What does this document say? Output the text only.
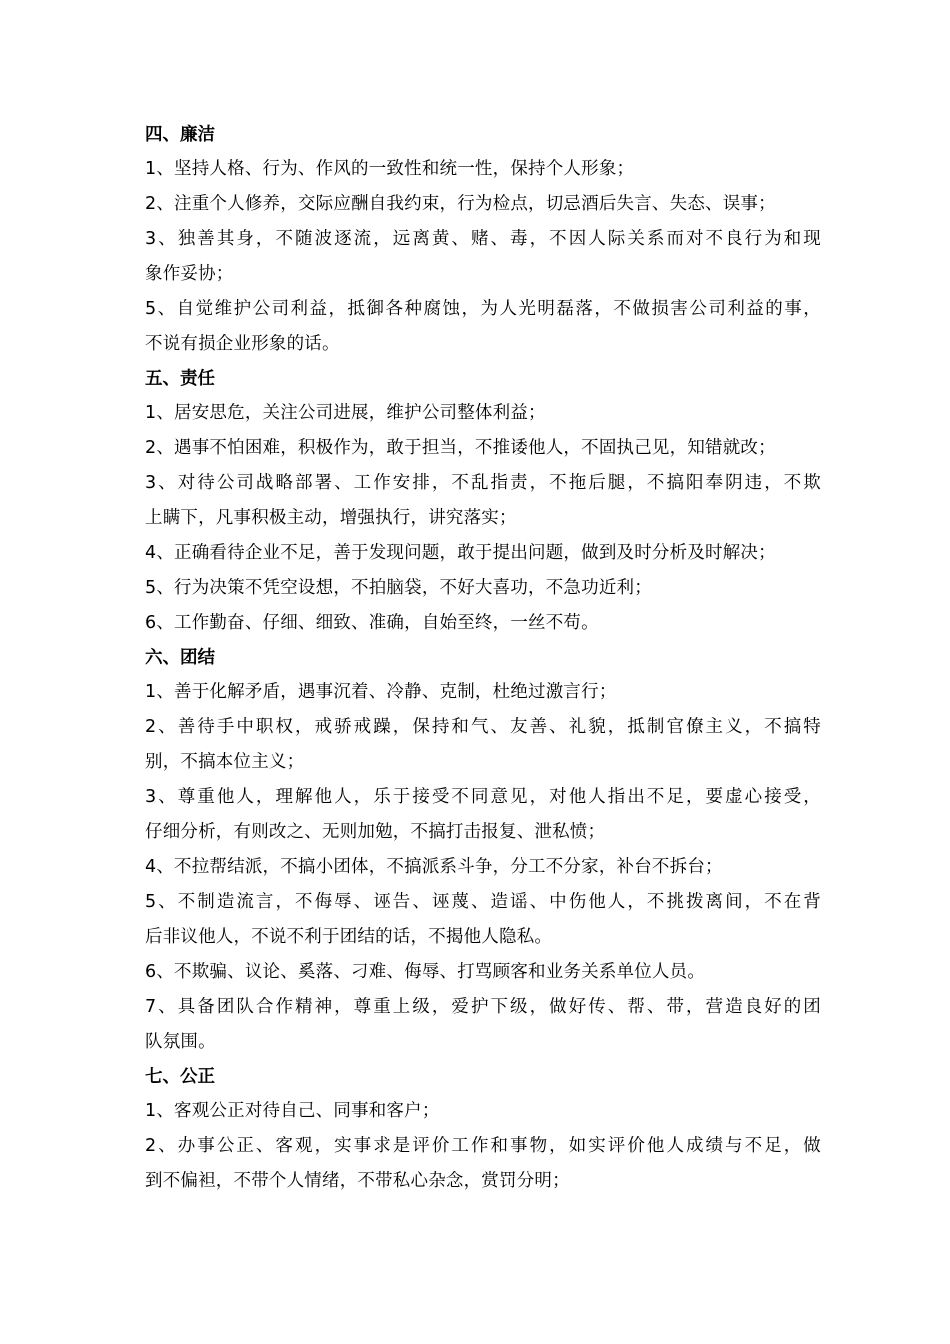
四、廉洁
1、坚持人格、行为、作风的一致性和统一性，保持个人形象；
2、注重个人修养，交际应酬自我约束，行为检点，切忌酒后失言、失态、误事；
3、独善其身，不随波逐流，远离黄、赌、毒，不因人际关系而对不良行为和现
象作妥协；
5、自觉维护公司利益，抵御各种腐蚀，为人光明磊落，不做损害公司利益的事，
不说有损企业形象的话。
五、责任
1、居安思危，关注公司进展，维护公司整体利益；
2、遇事不怕困难，积极作为，敢于担当，不推诿他人，不固执己见，知错就改；
3、对待公司战略部署、工作安排，不乱指责，不拖后腿，不搞阳奉阴违，不欺
上瞒下，凡事积极主动，增强执行，讲究落实；
4、正确看待企业不足，善于发现问题，敢于提出问题，做到及时分析及时解决；
5、行为决策不凭空设想，不拍脑袋，不好大喜功，不急功近利；
6、工作勤奋、仔细、细致、准确，自始至终，一丝不苟。
六、团结
1、善于化解矛盾，遇事沉着、冷静、克制，杜绝过激言行；
2、善待手中职权，戒骄戒躁，保持和气、友善、礼貌，抵制官僚主义，不搞特
别，不搞本位主义；
3、尊重他人，理解他人，乐于接受不同意见，对他人指出不足，要虚心接受，
仔细分析，有则改之、无则加勉，不搞打击报复、泄私愤；
4、不拉帮结派，不搞小团体，不搞派系斗争，分工不分家，补台不拆台；
5、不制造流言，不侮辱、诬告、诬蔑、造谣、中伤他人，不挑拨离间，不在背
后非议他人，不说不利于团结的话，不揭他人隐私。
6、不欺骗、议论、奚落、刁难、侮辱、打骂顾客和业务关系单位人员。
7、具备团队合作精神，尊重上级，爱护下级，做好传、帮、带，营造良好的团
队氛围。
七、公正
1、客观公正对待自己、同事和客户；
2、办事公正、客观，实事求是评价工作和事物，如实评价他人成绩与不足，做
到不偏袒，不带个人情绪，不带私心杂念，赏罚分明；
